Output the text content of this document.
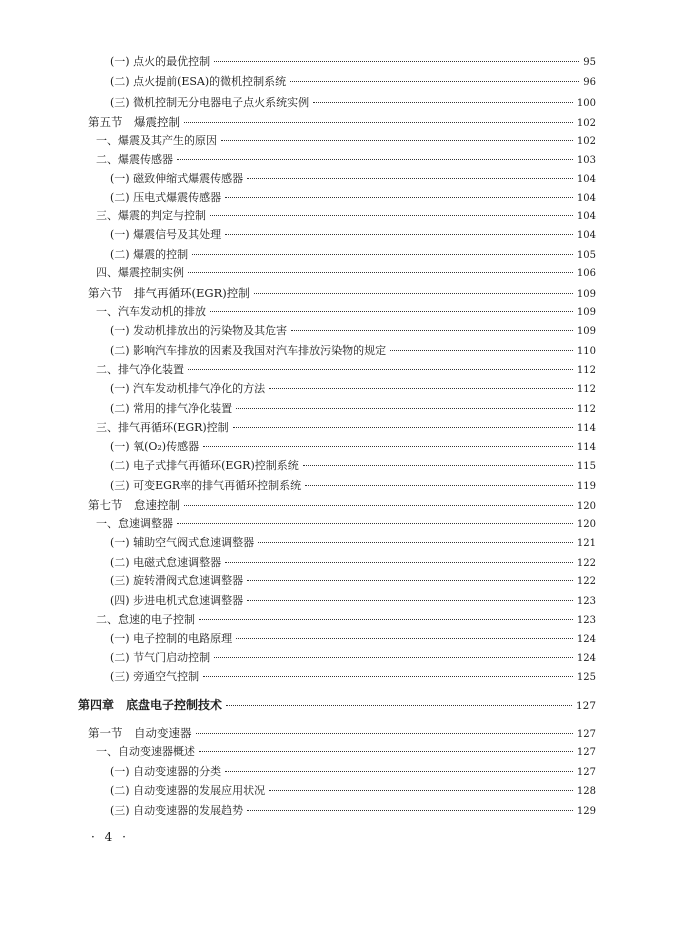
(一) 点火的最优控制	95
(二) 点火提前(ESA)的微机控制系统	96
(三) 微机控制无分电器电子点火系统实例	100
第五节　爆震控制	102
一、爆震及其产生的原因	102
二、爆震传感器	103
(一) 磁致伸缩式爆震传感器	104
(二) 压电式爆震传感器	104
三、爆震的判定与控制	104
(一) 爆震信号及其处理	104
(二) 爆震的控制	105
四、爆震控制实例	106
第六节　排气再循环(EGR)控制	109
一、汽车发动机的排放	109
(一) 发动机排放出的污染物及其危害	109
(二) 影响汽车排放的因素及我国对汽车排放污染物的规定	110
二、排气净化装置	112
(一) 汽车发动机排气净化的方法	112
(二) 常用的排气净化装置	112
三、排气再循环(EGR)控制	114
(一) 氧(O₂)传感器	114
(二) 电子式排气再循环(EGR)控制系统	115
(三) 可变EGR率的排气再循环控制系统	119
第七节　怠速控制	120
一、怠速调整器	120
(一) 辅助空气阀式怠速调整器	121
(二) 电磁式怠速调整器	122
(三) 旋转滑阀式怠速调整器	122
(四) 步进电机式怠速调整器	123
二、怠速的电子控制	123
(一) 电子控制的电路原理	124
(二) 节气门启动控制	124
(三) 旁通空气控制	125
第四章　底盘电子控制技术	127
第一节　自动变速器	127
一、自动变速器概述	127
(一) 自动变速器的分类	127
(二) 自动变速器的发展应用状况	128
(三) 自动变速器的发展趋势	129
· 4 ·
